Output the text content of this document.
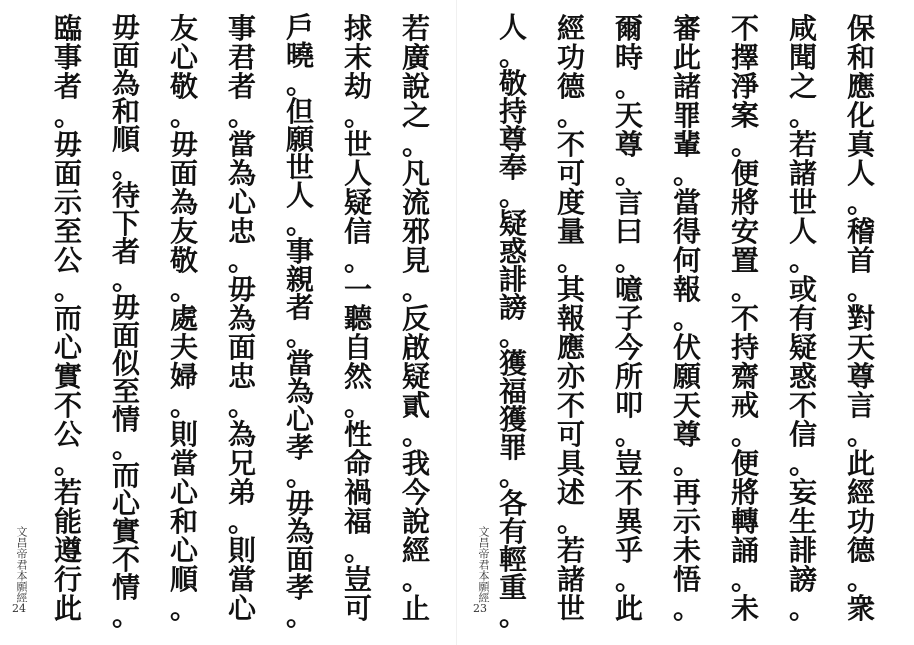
若
廣
說
之
。
凡
流
邪
見
。
反
啟
疑
貳
。
我
今
說
經
。
止
捄
末
劫
。
世
人
疑
信
。
一
聽
自
然
。
性
命
禍
福
。
豈
可
戶
曉
。
但
願
世
人
。
事
親
者
。
當
為
心
孝
。
毋
為
面
孝
。
事
君
者
。
當
為
心
忠
。
毋
為
面
忠
。
為
兄
弟
。
則
當
心
友
心
敬
。
毋
面
為
友
敬
。
處
夫
婦
。
則
當
心
和
心
順
。
毋
面
為
和
順
。
待
下
者
。
毋
面
似
至
情
。
而
心
實
不
情
。
臨
事
者
。
毋
面
示
至
公
。
而
心
實
不
公
。
若
能
遵
行
此
文昌帝君本願經
24
保
和
應
化
真
人
。
稽
首
。
對
天
尊
言
。
此
經
功
德
。
衆
咸
聞
之
。
若
諸
世
人
。
或
有
疑
惑
不
信
。
妄
生
誹
謗
。
不
擇
淨
案
。
便
將
安
置
。
不
持
齋
戒
。
便
將
轉
誦
。
未
審
此
諸
罪
輩
。
當
得
何
報
。
伏
願
天
尊
。
再
示
未
悟
。
爾
時
。
天
尊
。
言
曰
。
噫
子
今
所
叩
。
豈
不
異
乎
。
此
經
功
德
。
不
可
度
量
。
其
報
應
亦
不
可
具
述
。
若
諸
世
人
。
敬
持
尊
奉
。
疑
惑
誹
謗
。
獲
福
獲
罪
。
各
有
輕
重
。
文昌帝君本願經
23
